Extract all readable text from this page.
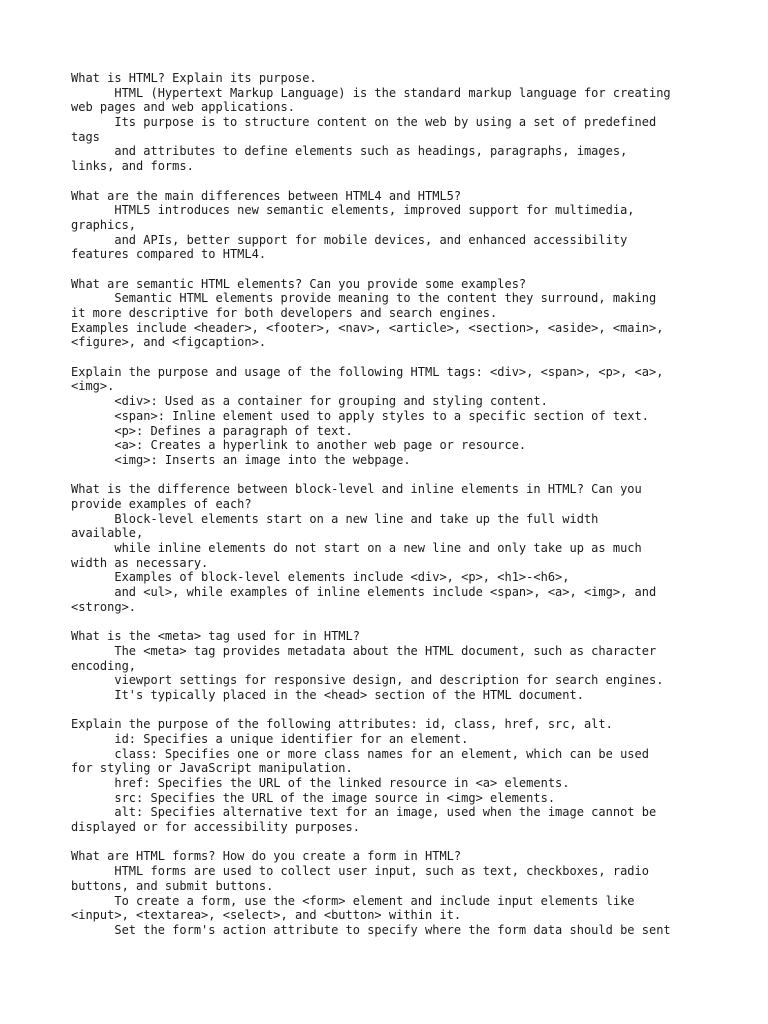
What is HTML? Explain its purpose.
HTML (Hypertext Markup Language) is the standard markup language for creating
web pages and web applications.
Its purpose is to structure content on the web by using a set of predefined
tags
and attributes to define elements such as headings, paragraphs, images,
links, and forms.
What are the main differences between HTML4 and HTML5?
HTML5 introduces new semantic elements, improved support for multimedia,
graphics,
and APIs, better support for mobile devices, and enhanced accessibility
features compared to HTML4.
What are semantic HTML elements? Can you provide some examples?
Semantic HTML elements provide meaning to the content they surround, making
it more descriptive for both developers and search engines.
Examples include <header>, <footer>, <nav>, <article>, <section>, <aside>, <main>,
<figure>, and <figcaption>.
Explain the purpose and usage of the following HTML tags: <div>, <span>, <p>, <a>,
<img>.
<div>: Used as a container for grouping and styling content.
<span>: Inline element used to apply styles to a specific section of text.
<p>: Defines a paragraph of text.
<a>: Creates a hyperlink to another web page or resource.
<img>: Inserts an image into the webpage.
What is the difference between block-level and inline elements in HTML? Can you
provide examples of each?
Block-level elements start on a new line and take up the full width
available,
while inline elements do not start on a new line and only take up as much
width as necessary.
Examples of block-level elements include <div>, <p>, <h1>-<h6>,
and <ul>, while examples of inline elements include <span>, <a>, <img>, and
<strong>.
What is the <meta> tag used for in HTML?
The <meta> tag provides metadata about the HTML document, such as character
encoding,
viewport settings for responsive design, and description for search engines.
It's typically placed in the <head> section of the HTML document.
Explain the purpose of the following attributes: id, class, href, src, alt.
id: Specifies a unique identifier for an element.
class: Specifies one or more class names for an element, which can be used
for styling or JavaScript manipulation.
href: Specifies the URL of the linked resource in <a> elements.
src: Specifies the URL of the image source in <img> elements.
alt: Specifies alternative text for an image, used when the image cannot be
displayed or for accessibility purposes.
What are HTML forms? How do you create a form in HTML?
HTML forms are used to collect user input, such as text, checkboxes, radio
buttons, and submit buttons.
To create a form, use the <form> element and include input elements like
<input>, <textarea>, <select>, and <button> within it.
Set the form's action attribute to specify where the form data should be sent
